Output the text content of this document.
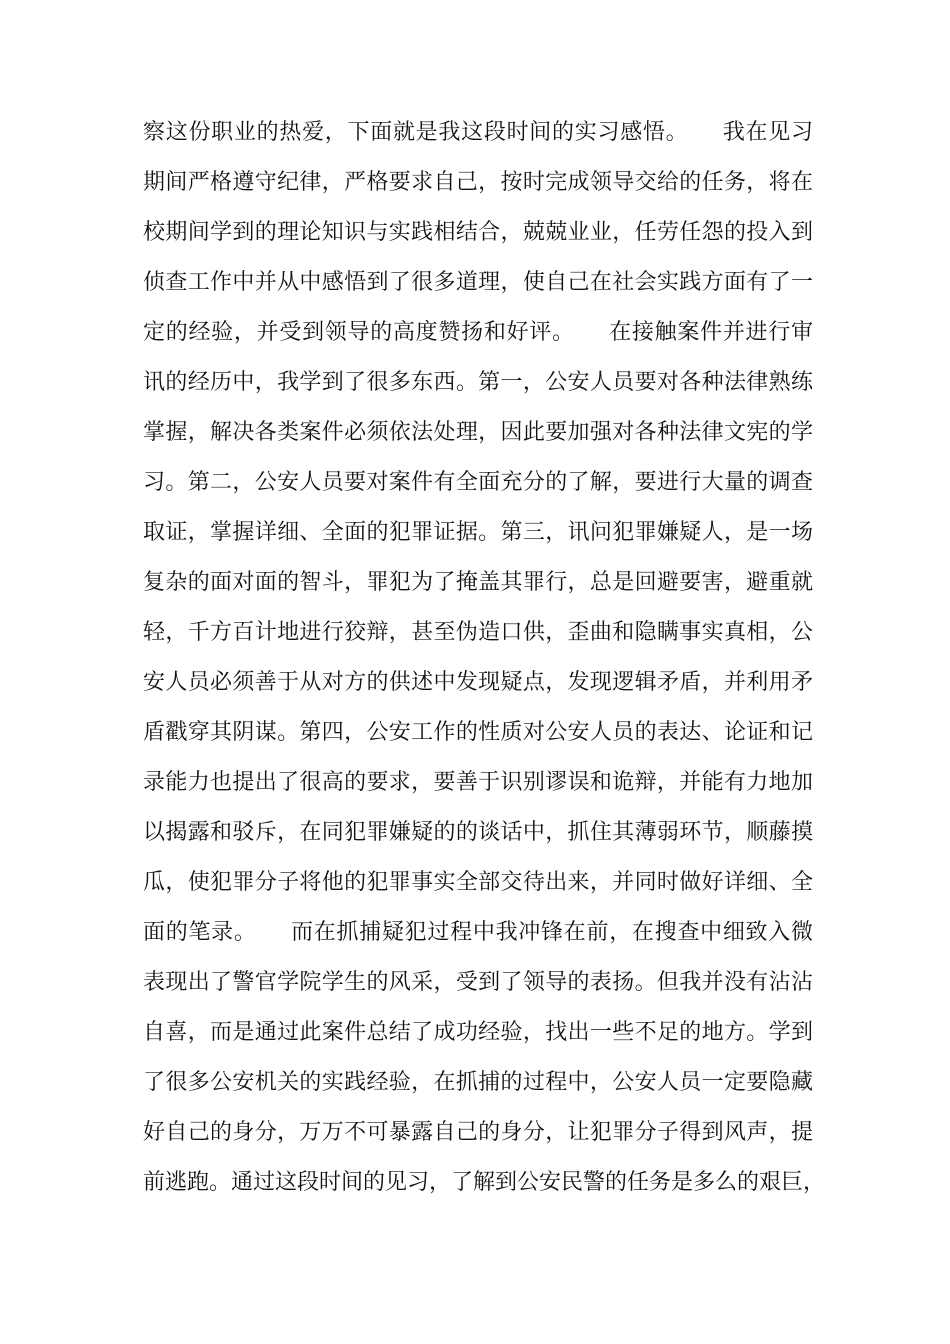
察这份职业的热爱，下面就是我这段时间的实习感悟。　　我在见习
期间严格遵守纪律，严格要求自己，按时完成领导交给的任务，将在
校期间学到的理论知识与实践相结合，兢兢业业，任劳任怨的投入到
侦查工作中并从中感悟到了很多道理，使自己在社会实践方面有了一
定的经验，并受到领导的高度赞扬和好评。　　在接触案件并进行审
讯的经历中，我学到了很多东西。第一，公安人员要对各种法律熟练
掌握，解决各类案件必须依法处理，因此要加强对各种法律文宪的学
习。第二，公安人员要对案件有全面充分的了解，要进行大量的调查
取证，掌握详细、全面的犯罪证据。第三，讯问犯罪嫌疑人，是一场
复杂的面对面的智斗，罪犯为了掩盖其罪行，总是回避要害，避重就
轻，千方百计地进行狡辩，甚至伪造口供，歪曲和隐瞒事实真相，公
安人员必须善于从对方的供述中发现疑点，发现逻辑矛盾，并利用矛
盾戳穿其阴谋。第四，公安工作的性质对公安人员的表达、论证和记
录能力也提出了很高的要求，要善于识别谬误和诡辩，并能有力地加
以揭露和驳斥，在同犯罪嫌疑的的谈话中，抓住其薄弱环节，顺藤摸
瓜，使犯罪分子将他的犯罪事实全部交待出来，并同时做好详细、全
面的笔录。　　而在抓捕疑犯过程中我冲锋在前，在搜查中细致入微
表现出了警官学院学生的风采，受到了领导的表扬。但我并没有沾沾
自喜，而是通过此案件总结了成功经验，找出一些不足的地方。学到
了很多公安机关的实践经验，在抓捕的过程中，公安人员一定要隐藏
好自己的身分，万万不可暴露自己的身分，让犯罪分子得到风声，提
前逃跑。通过这段时间的见习，了解到公安民警的任务是多么的艰巨，
